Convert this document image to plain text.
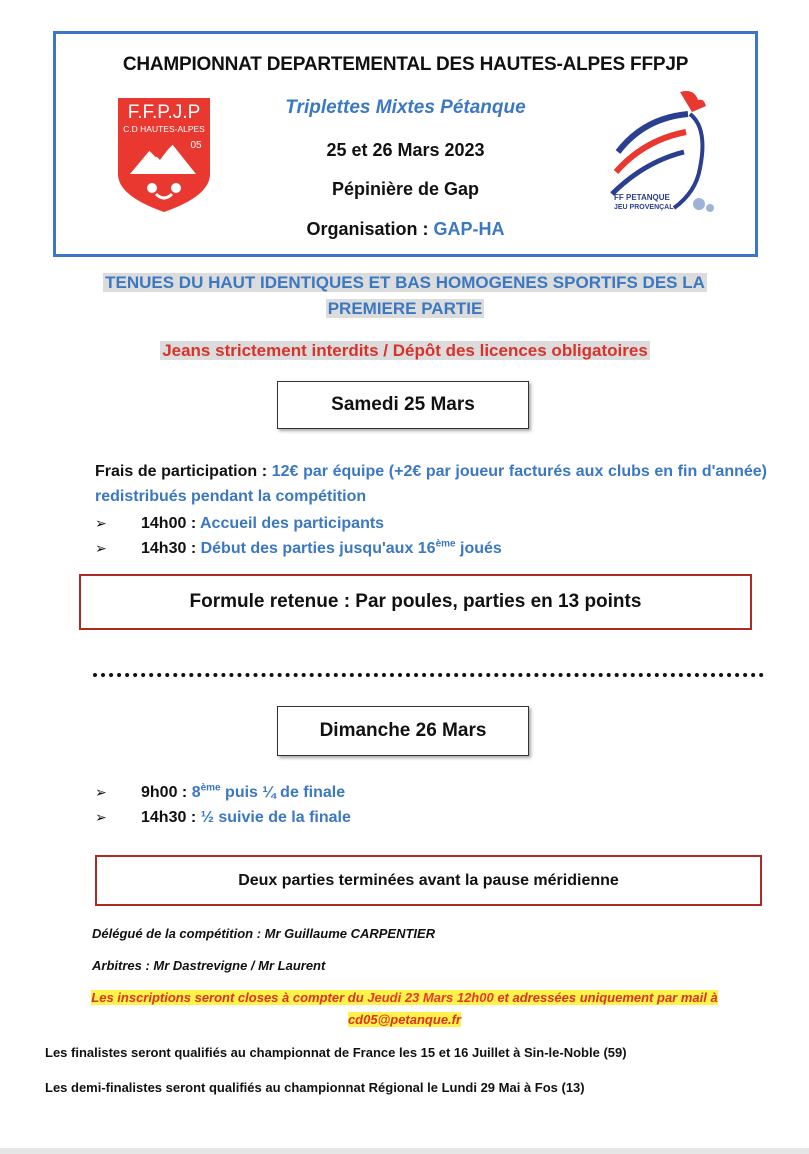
CHAMPIONNAT DEPARTEMENTAL DES HAUTES-ALPES FFPJP
Triplettes Mixtes Pétanque
25 et 26 Mars 2023
Pépinière de Gap
Organisation : GAP-HA
F.F.P.J.P
C.D HAUTES-ALPES
05
FF PETANQUE
JEU PROVENÇAL
TENUES DU HAUT IDENTIQUES ET BAS HOMOGENES SPORTIFS DES LA
PREMIERE PARTIE
Jeans strictement interdits / Dépôt des licences obligatoires
Samedi 25 Mars
Frais de participation : 12€ par équipe (+2€ par joueur facturés aux clubs en fin d'année) redistribués pendant la compétition
➢ 14h00 : Accueil des participants
➢ 14h30 : Début des parties jusqu'aux 16ème joués
Formule retenue : Par poules, parties en 13 points
Dimanche 26 Mars
➢ 9h00 : 8ème puis ¼ de finale
➢ 14h30 : ½ suivie de la finale
Deux parties terminées avant la pause méridienne
Délégué de la compétition : Mr Guillaume CARPENTIER
Arbitres : Mr Dastrevigne / Mr Laurent
Les inscriptions seront closes à compter du Jeudi 23 Mars 12h00 et adressées uniquement par mail à
cd05@petanque.fr
Les finalistes seront qualifiés au championnat de France les 15 et 16 Juillet à Sin-le-Noble (59)
Les demi-finalistes seront qualifiés au championnat Régional le Lundi 29 Mai à Fos (13)
